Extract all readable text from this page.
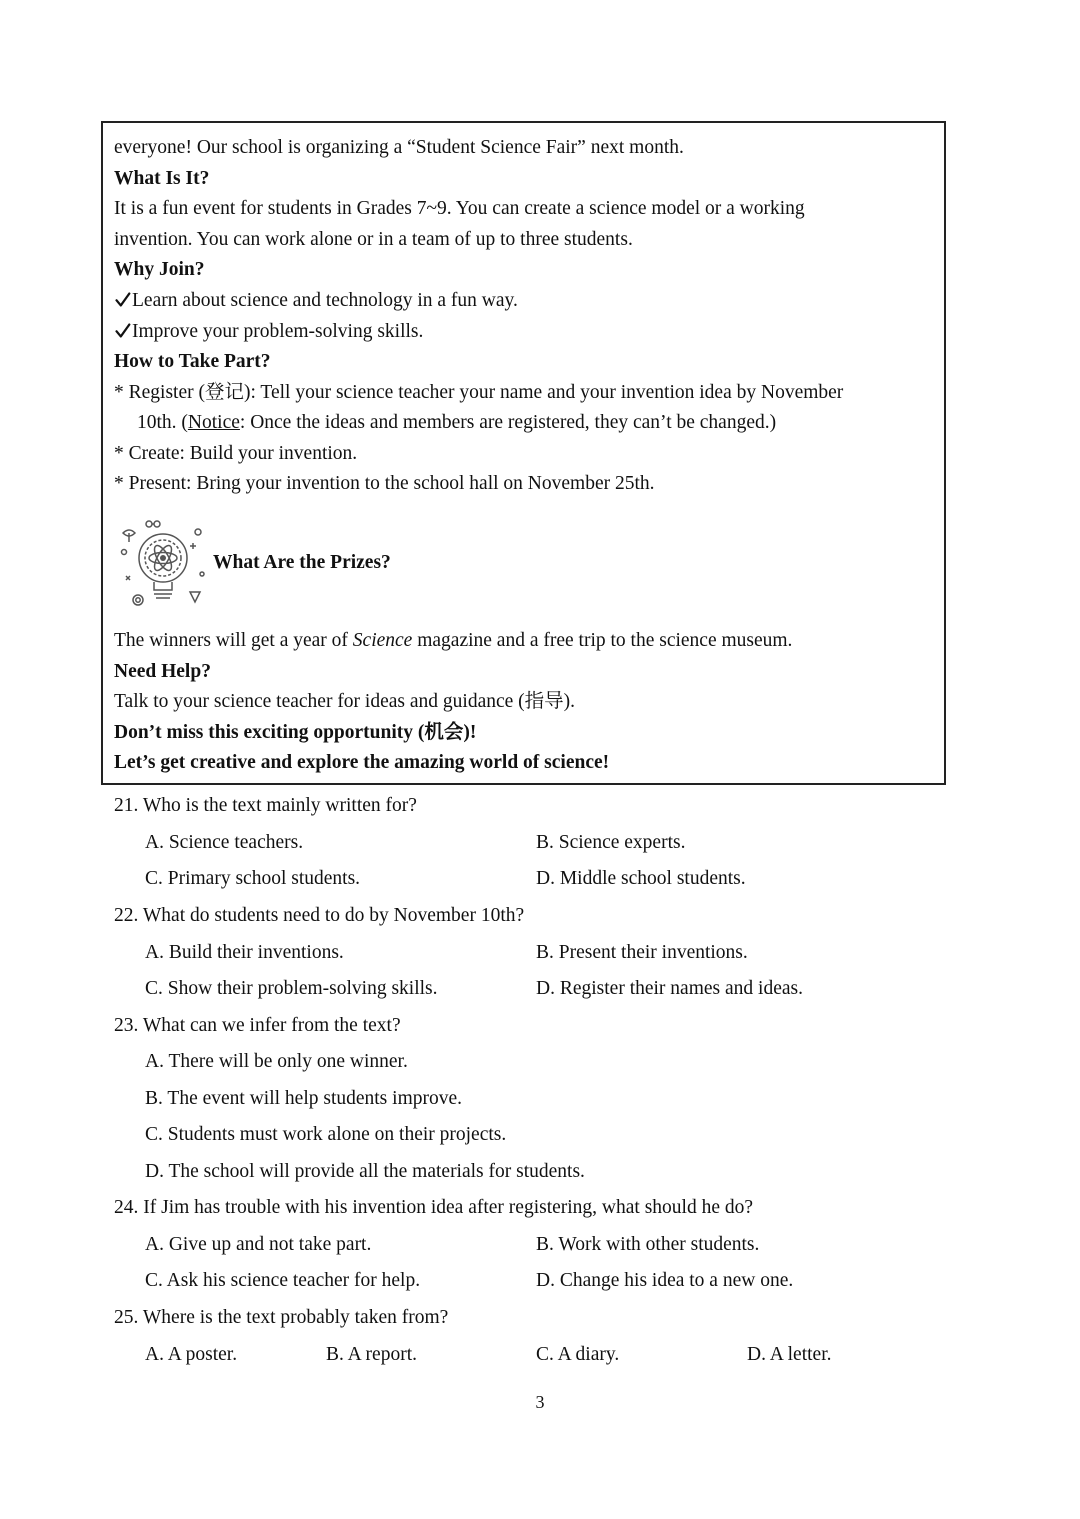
everyone! Our school is organizing a “Student Science Fair” next month.

What Is It?

It is a fun event for students in Grades 7~9. You can create a science model or a working

invention. You can work alone or in a team of up to three students.

Why Join?

Learn about science and technology in a fun way.

Improve your problem-solving skills.

How to Take Part?

* Register (登记): Tell your science teacher your name and your invention idea by November

10th. (Notice: Once the ideas and members are registered, they can’t be changed.)

* Create: Build your invention.

* Present: Bring your invention to the school hall on November 25th.

What Are the Prizes?

The winners will get a year of Science magazine and a free trip to the science museum.

Need Help?

Talk to your science teacher for ideas and guidance (指导).

Don’t miss this exciting opportunity (机会)!

Let’s get creative and explore the amazing world of science!

21. Who is the text mainly written for?
A. Science teachers.	B. Science experts.
C. Primary school students.	D. Middle school students.
22. What do students need to do by November 10th?
A. Build their inventions.	B. Present their inventions.
C. Show their problem-solving skills.	D. Register their names and ideas.
23. What can we infer from the text?
A. There will be only one winner.
B. The event will help students improve.
C. Students must work alone on their projects.
D. The school will provide all the materials for students.
24. If Jim has trouble with his invention idea after registering, what should he do?
A. Give up and not take part.	B. Work with other students.
C. Ask his science teacher for help.	D. Change his idea to a new one.
25. Where is the text probably taken from?
A. A poster.	B. A report.	C. A diary.	D. A letter.
3
